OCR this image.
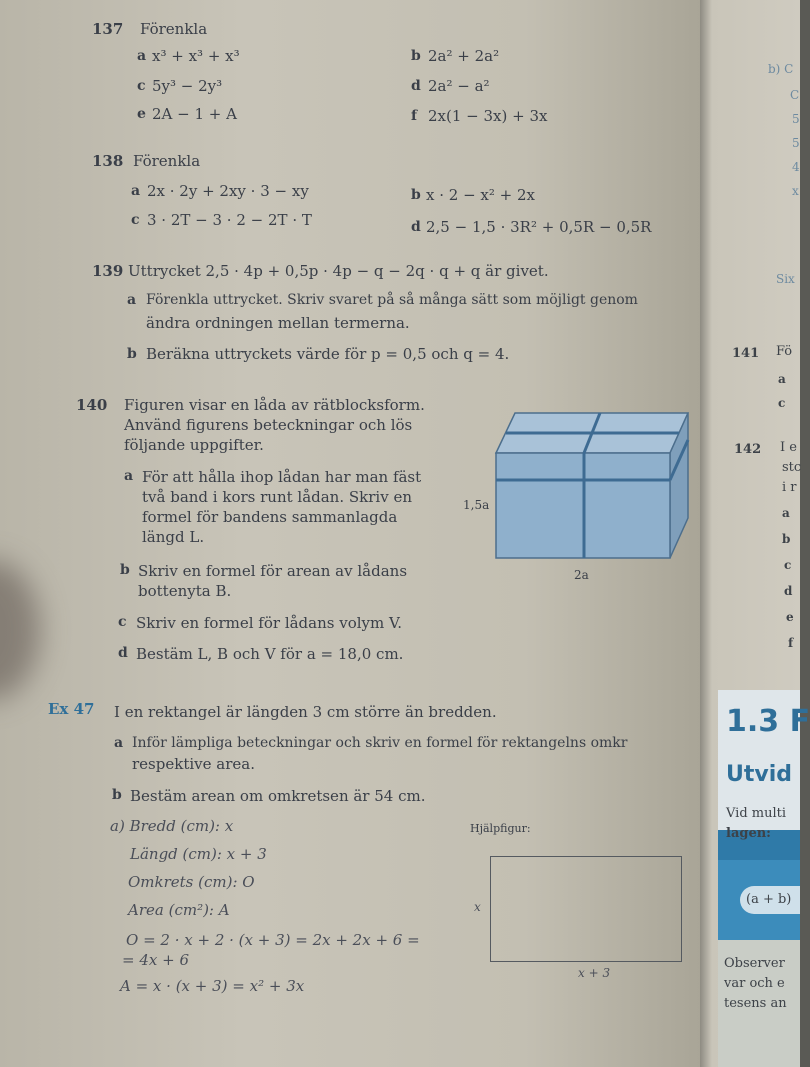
137 Förenkla
a x³ + x³ + x³	b 2a² + 2a²
c 5y³ − 2y³	d 2a² − a²
e 2A − 1 + A	f 2x(1 − 3x) + 3x
138 Förenkla
a 2x · 2y + 2xy · 3 − xy	b x · 2 − x² + 2x
c 3 · 2T − 3 · 2 − 2T · T	d 2,5 − 1,5 · 3R² + 0,5R − 0,5R
139 Uttrycket 2,5 · 4p + 0,5p · 4p − q − 2q · q + q är givet.
a Förenkla uttrycket. Skriv svaret på så många sätt som möjligt genom
ändra ordningen mellan termerna.
b Beräkna uttryckets värde för p = 0,5 och q = 4.
140 Figuren visar en låda av rätblocksform.
Använd figurens beteckningar och lös
följande uppgifter.
a För att hålla ihop lådan har man fäst
två band i kors runt lådan. Skriv en
formel för bandens sammanlagda
längd L.
b Skriv en formel för arean av lådans
bottenyta B.
c Skriv en formel för lådans volym V.
d Bestäm L, B och V för a = 18,0 cm.
1,5a
2a
Ex 47 I en rektangel är längden 3 cm större än bredden.
a Inför lämpliga beteckningar och skriv en formel för rektangelns omkr
respektive area.
b Bestäm arean om omkretsen är 54 cm.
a) Bredd (cm): x
Längd (cm): x + 3
Omkrets (cm): O
Area (cm²): A
O = 2 · x + 2 · (x + 3) = 2x + 2x + 6 =
= 4x + 6
A = x · (x + 3) = x² + 3x
Hjälpfigur:
x
x + 3
b) C
C
5
5
4
x
Six
141 Fö
a
c
142 I e
stc
i r
a
b
c
d
e
f
1.3 F
Utvid
Vid multi
lagen:
(a + b)
Observer
var och e
tesens an
